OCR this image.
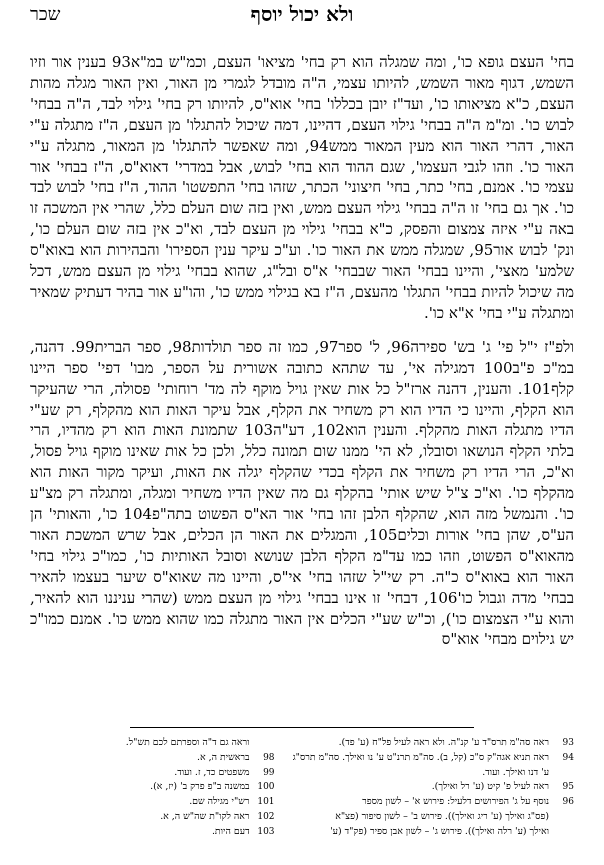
ולא יכול יוסף
שכר

בחי' העצם גופא כו', ומה שמגלה הוא רק בחי' מציאו' העצם, וכמ"ש במ"א93 בענין אור וזיו השמש, דגוף מאור השמש, להיותו עצמי, ה"ה מובדל לגמרי מן האור, ואין האור מגלה מהות העצם, כ"א מציאותו כו', ועד"ז יובן בכללו' בחי' אוא"ס, להיותו רק בחי' גילוי לבד, ה"ה בבחי' לבוש כו'. ומ"מ ה"ה בבחי' גילוי העצם, דהיינו, דמה שיכול להתגלו' מן העצם, ה"ז מתגלה ע"י האור, דהרי האור הוא מעין המאור ממש94, ומה שאפשר להתגלו' מן המאור, מתגלה ע"י האור כו'. וזהו לגבי העצמו', שגם ההוד הוא בחי' לבוש, אבל במדרי' דאוא"ס, ה"ז בבחי' אור עצמי כו'. אמנם, בחי' כתר, בחי' חיצוני' הכתר, שזהו בחי' התפשטו' ההוד, ה"ז בחי' לבוש לבד כו'. אך גם בחי' זו ה"ה בבחי' גילוי העצם ממש, ואין בזה שום העלם כלל, שהרי אין המשכה זו באה ע"י איזה צמצום והפסק, כ"א בבחי' גילוי מן העצם לבד, וא"כ אין בזה שום העלם כו', ונק' לבוש אור95, שמגלה ממש את האור כו'. וע"כ עיקר ענין הספירו' והבהירות הוא באוא"ס שלמע' מאצי', והיינו בבחי' האור שבבחי' א"ס ובל"ג, שהוא בבחי' גילוי מן העצם ממש, דכל מה שיכול להיות בבחי' התגלו' מהעצם, ה"ז בא בגילוי ממש כו', והו"ע אור בהיר דעתיק שמאיר ומתגלה ע"י בחי' א"א כו'.

ולפ"ז י"ל פי' ג' בש' ספירה96, ל' ספר97, כמו זה ספר תולדות98, ספר הברית99. דהנה, במ"כ פ"ב100 דמגילה אי', עד שתהא כתובה אשורית על הספר, מבו' דפי' ספר היינו קלף101. והענין, דהנה ארז"ל כל אות שאין גויל מוקף לה מד' רוחותי' פסולה, הרי שהעיקר הוא הקלף, והיינו כי הדיו הוא רק משחיר את הקלף, אבל עיקר האות הוא מהקלף, רק שע"י הדיו מתגלה האות מהקלף. והענין הוא102, דע"ה103 שתמונת האות הוא רק מהדיו, הרי בלתי הקלף הנושאו וסובלו, לא הי' ממנו שום תמונה כלל, ולכן כל אות שאינו מוקף גויל פסול, וא"כ, הרי הדיו רק משחיר את הקלף בכדי שהקלף יגלה את האות, ועיקר מקור האות הוא מהקלף כו'. וא"כ צ"ל שיש אותי' בהקלף גם מה שאין הדיו משחיר ומגלה, ומתגלה רק מצ"ע כו'. והנמשל מזה הוא, שהקלף הלבן זהו בחי' אור הא"ס הפשוט בתה"פ104 כו', והאותי' הן הע"ס, שהן בחי' אורות וכלים105, והמגלים את האור הן הכלים, אבל שרש המשכת האור מהאוא"ס הפשוט, וזהו כמו עד"מ הקלף הלבן שנושא וסובל האותיות כו', כמו"כ גילוי בחי' האור הוא באוא"ס כ"ה. רק שי"ל שזהו בחי' אי"ס, והיינו מה שאוא"ס שיער בעצמו להאיר בבחי' מדה וגבול כו'106, דבחי' זו אינו בבחי' גילוי מן העצם ממש (שהרי עניננו הוא להאיר, והוא ע"י הצמצום כו'), וכ"ש שע"י הכלים אין האור מתגלה כמו שהוא ממש כו'. אמנם כמו"כ יש גילוים מבחי' אוא"ס

93 ראה סה"מ תרס"ד ע' קנ"ה. ולא ראה לעיל פל"ח (ע' פד).
94 ראה תניא אגה"ק ס"כ (קל, ב). סה"מ תרנ"ט ע' נו ואילך. סה"מ תרס"ג
ע' דנו ואילך. ועוד.
95 ראה לעיל פ' קיט (ע' רל ואילך).
96 נוסף על ג' הפירושים דלעיל: פירוש א' – לשון מספר
(פס"ג ואילך (ע' ריג ואילך)). פירוש ב' – לשון סיפור (פצ"א
ואילך (ע' רלה ואילך)). פירוש ג' – לשון אבן ספיר (פק"ד (ע'
וראה גם ד"ה וספרתם לכם תש"ל.
98 בראשית ה, א.
99 משפטים כד, ז. ועוד.
100 במשנה ב"פ פרק ב' (יז, א).
101 רש"י מגילה שם.
102 ראה לקו"ת שה"ש ה, א.
103 דעם היות.
